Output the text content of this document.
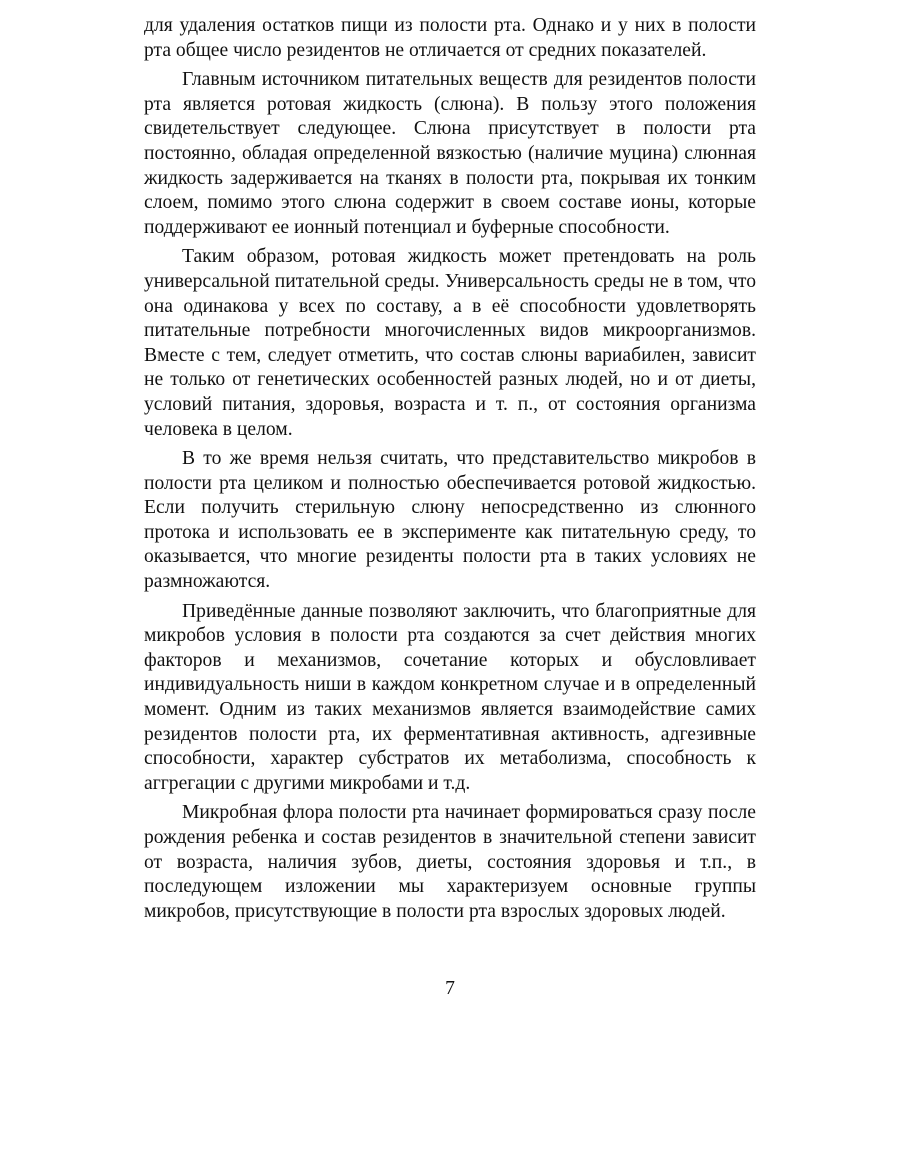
для удаления остатков пищи из полости рта. Однако и у них в полости рта общее число резидентов не отличается от средних показателей.

Главным источником питательных веществ для резидентов полости рта является ротовая жидкость (слюна). В пользу этого положения свидетельствует следующее. Слюна присутствует в полости рта постоянно, обладая определенной вязкостью (наличие муцина) слюнная жидкость задерживается на тканях в полости рта, покрывая их тонким слоем, помимо этого слюна содержит в своем составе ионы, которые поддерживают ее ионный потенциал и буферные способности.

Таким образом, ротовая жидкость может претендовать на роль универсальной питательной среды. Универсальность среды не в том, что она одинакова у всех по составу, а в её способности удовлетворять питательные потребности многочисленных видов микроорганизмов. Вместе с тем, следует отметить, что состав слюны вариабилен, зависит не только от генетических особенностей разных людей, но и от диеты, условий питания, здоровья, возраста и т. п., от состояния организма человека в целом.

В то же время нельзя считать, что представительство микробов в полости рта целиком и полностью обеспечивается ротовой жидкостью. Если получить стерильную слюну непосредственно из слюнного протока и использовать ее в эксперименте как питательную среду, то оказывается, что многие резиденты полости рта в таких условиях не размножаются.

Приведённые данные позволяют заключить, что благоприятные для микробов условия в полости рта создаются за счет действия многих факторов и механизмов, сочетание которых и обусловливает индивидуальность ниши в каждом конкретном случае и в определенный момент. Одним из таких механизмов является взаимодействие самих резидентов полости рта, их ферментативная активность, адгезивные способности, характер субстратов их метаболизма, способность к аггрегации с другими микробами и т.д.

Микробная флора полости рта начинает формироваться сразу после рождения ребенка и состав резидентов в значительной степени зависит от возраста, наличия зубов, диеты, состояния здоровья и т.п., в последующем изложении мы характеризуем основные группы микробов, присутствующие в полости рта взрослых здоровых людей.

7
